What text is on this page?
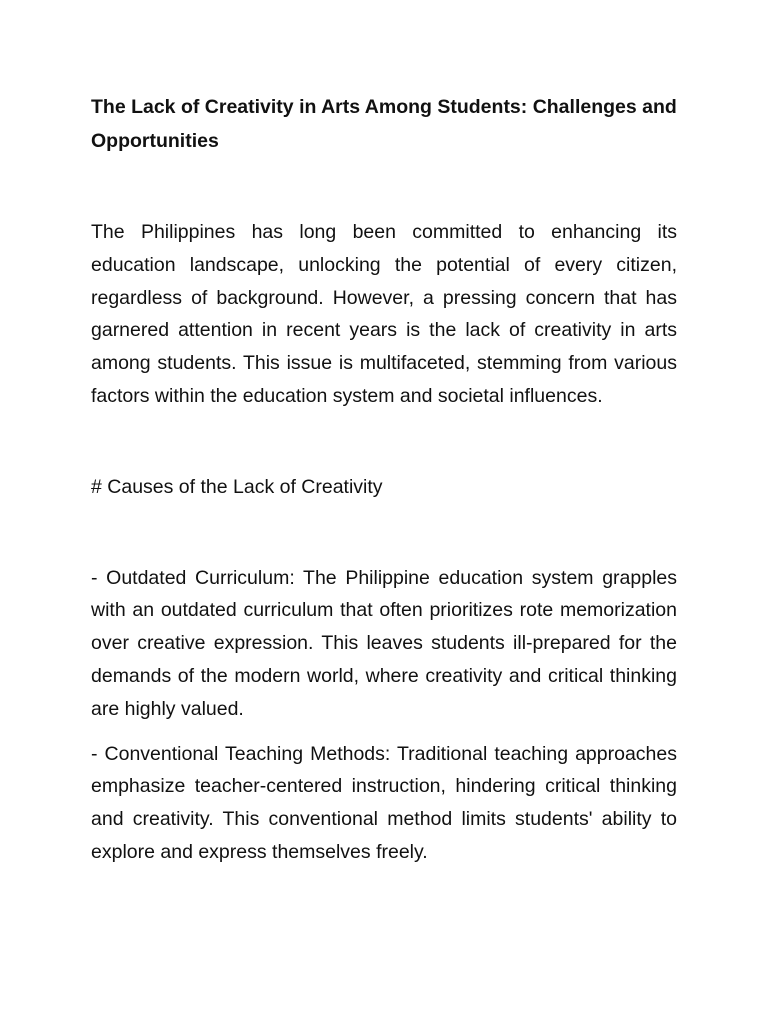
The Lack of Creativity in Arts Among Students: Challenges and Opportunities

The Philippines has long been committed to enhancing its education landscape, unlocking the potential of every citizen, regardless of background. However, a pressing concern that has garnered attention in recent years is the lack of creativity in arts among students. This issue is multifaceted, stemming from various factors within the education system and societal influences.

# Causes of the Lack of Creativity

- Outdated Curriculum: The Philippine education system grapples with an outdated curriculum that often prioritizes rote memorization over creative expression. This leaves students ill-prepared for the demands of the modern world, where creativity and critical thinking are highly valued.

- Conventional Teaching Methods: Traditional teaching approaches emphasize teacher-centered instruction, hindering critical thinking and creativity. This conventional method limits students' ability to explore and express themselves freely.
